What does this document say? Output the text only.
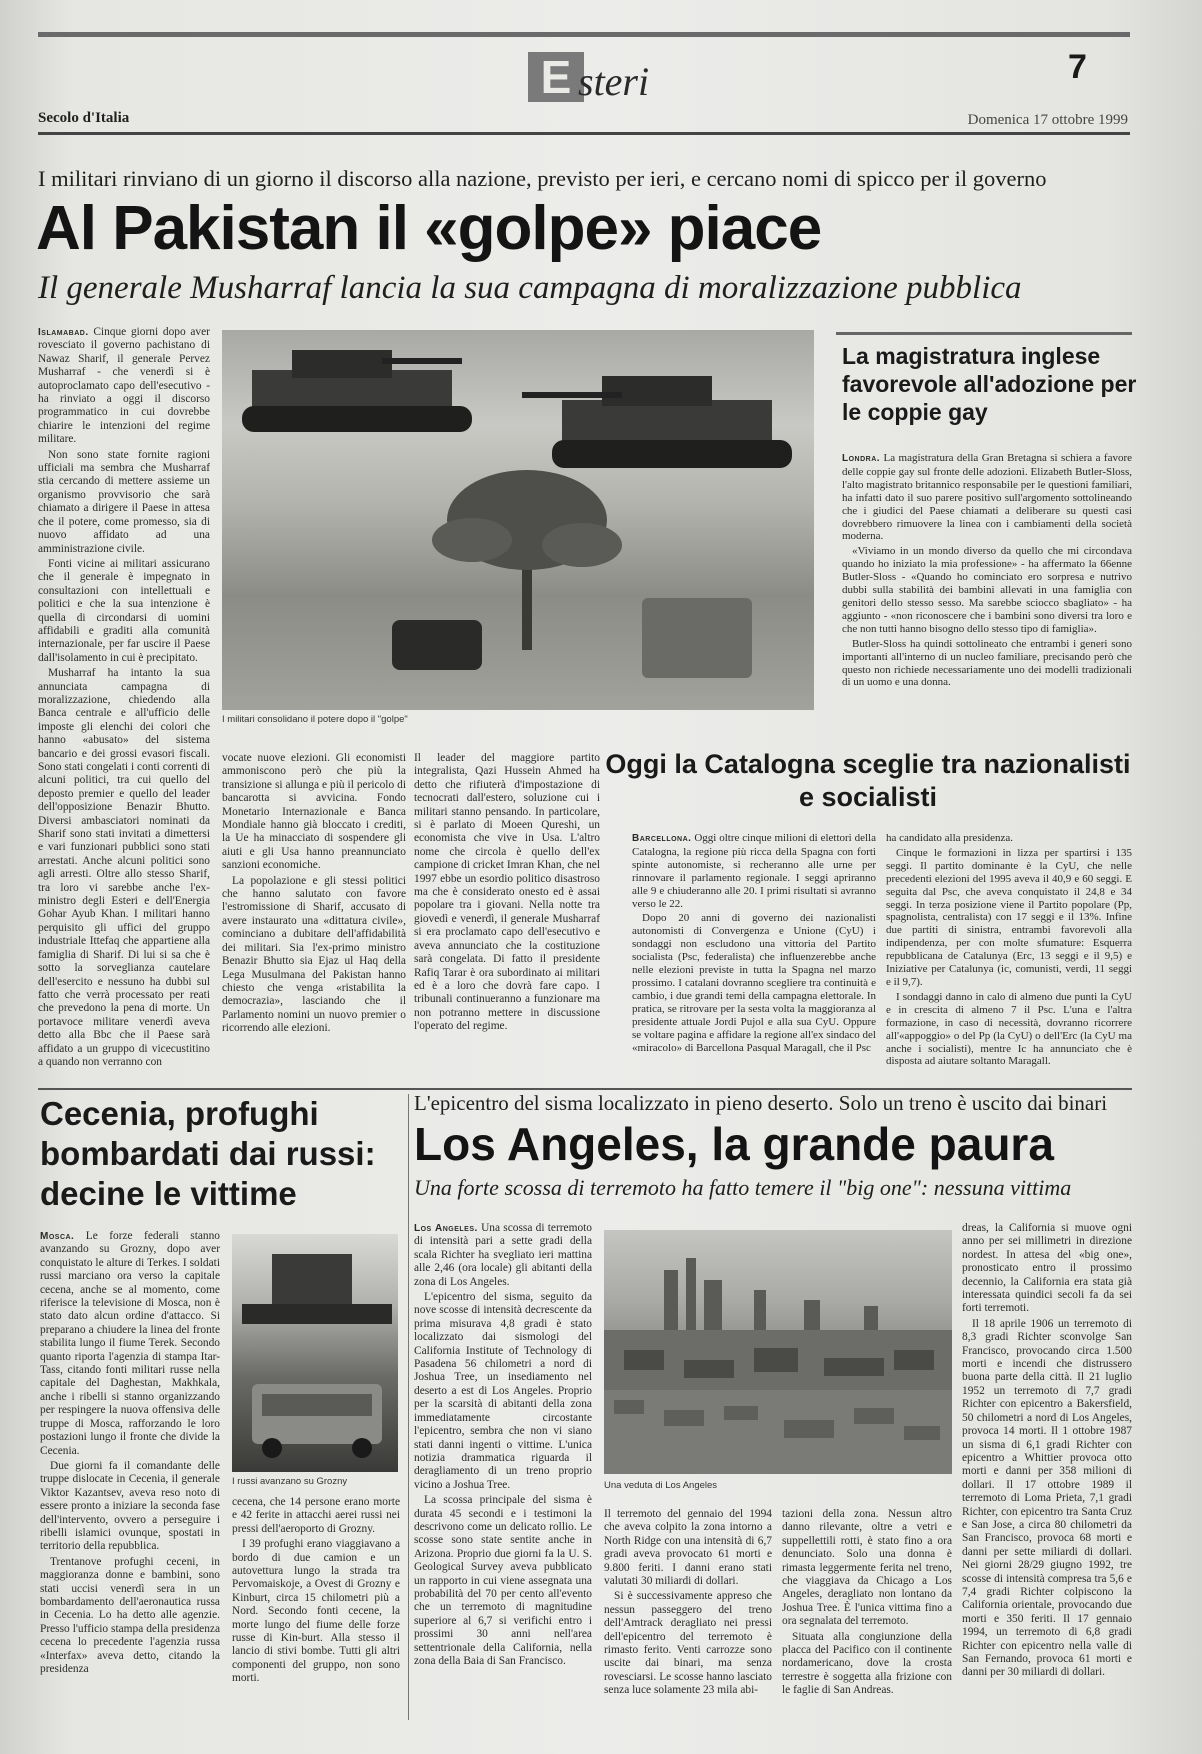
E steri	7
Secolo d'Italia	Domenica 17 ottobre 1999
I militari rinviano di un giorno il discorso alla nazione, previsto per ieri, e cercano nomi di spicco per il governo
Al Pakistan il «golpe» piace
Il generale Musharraf lancia la sua campagna di moralizzazione pubblica

Islamabad. Cinque giorni dopo aver rovesciato il governo pachistano di Nawaz Sharif, il generale Pervez Musharraf - che venerdì si è autoproclamato capo dell'esecutivo - ha rinviato a oggi il discorso programmatico in cui dovrebbe chiarire le intenzioni del regime militare.

Non sono state fornite ragioni ufficiali ma sembra che Musharraf stia cercando di mettere assieme un organismo provvisorio che sarà chiamato a dirigere il Paese in attesa che il potere, come promesso, sia di nuovo affidato ad una amministrazione civile.

Fonti vicine ai militari assicurano che il generale è impegnato in consultazioni con intellettuali e politici e che la sua intenzione è quella di circondarsi di uomini affidabili e graditi alla comunità internazionale, per far uscire il Paese dall'isolamento in cui è precipitato.

Musharraf ha intanto la sua annunciata campagna di moralizzazione, chiedendo alla Banca centrale e all'ufficio delle imposte gli elenchi dei colori che hanno «abusato» del sistema bancario e dei grossi evasori fiscali. Sono stati congelati i conti correnti di alcuni politici, tra cui quello del deposto premier e quello del leader dell'opposizione Benazir Bhutto. Diversi ambasciatori nominati da Sharif sono stati invitati a dimettersi e vari funzionari pubblici sono stati arrestati. Anche alcuni politici sono agli arresti. Oltre allo stesso Sharif, tra loro vi sarebbe anche l'ex-ministro degli Esteri e dell'Energia Gohar Ayub Khan. I militari hanno perquisito gli uffici del gruppo industriale Ittefaq che appartiene alla famiglia di Sharif. Di lui si sa che è sotto la sorveglianza cautelare dell'esercito e nessuno ha dubbi sul fatto che verrà processato per reati che prevedono la pena di morte. Un portavoce militare venerdì aveva detto alla Bbc che il Paese sarà affidato a un gruppo di vicecustitino a quando non verranno con

I militari consolidano il potere dopo il "golpe"
La magistratura inglese favorevole all'adozione per le coppie gay

Londra. La magistratura della Gran Bretagna si schiera a favore delle coppie gay sul fronte delle adozioni. Elizabeth Butler-Sloss, l'alto magistrato britannico responsabile per le questioni familiari, ha infatti dato il suo parere positivo sull'argomento sottolineando che i giudici del Paese chiamati a deliberare su questi casi dovrebbero rimuovere la linea con i cambiamenti della società moderna.

«Viviamo in un mondo diverso da quello che mi circondava quando ho iniziato la mia professione» - ha affermato la 66enne Butler-Sloss - «Quando ho cominciato ero sorpresa e nutrivo dubbi sulla stabilità dei bambini allevati in una famiglia con genitori dello stesso sesso. Ma sarebbe sciocco sbagliato» - ha aggiunto - «non riconoscere che i bambini sono diversi tra loro e che non tutti hanno bisogno dello stesso tipo di famiglia».

Butler-Sloss ha quindi sottolineato che entrambi i generi sono importanti all'interno di un nucleo familiare, precisando però che questo non richiede necessariamente uno dei modelli tradizionali di un uomo e una donna.

vocate nuove elezioni. Gli economisti ammoniscono però che più la transizione si allunga e più il pericolo di bancarotta si avvicina. Fondo Monetario Internazionale e Banca Mondiale hanno già bloccato i crediti, la Ue ha minacciato di sospendere gli aiuti e gli Usa hanno preannunciato sanzioni economiche.

La popolazione e gli stessi politici che hanno salutato con favore l'estromissione di Sharif, accusato di avere instaurato una «dittatura civile», cominciano a dubitare dell'affidabilità dei militari. Sia l'ex-primo ministro Benazir Bhutto sia Ejaz ul Haq della Lega Musulmana del Pakistan hanno chiesto che venga «ristabilita la democrazia», lasciando che il Parlamento nomini un nuovo premier o ricorrendo alle elezioni.

Il leader del maggiore partito integralista, Qazi Hussein Ahmed ha detto che rifiuterà d'impostazione di tecnocrati dall'estero, soluzione cui i militari stanno pensando. In particolare, si è parlato di Moeen Qureshi, un economista che vive in Usa. L'altro nome che circola è quello dell'ex campione di cricket Imran Khan, che nel 1997 ebbe un esordio politico disastroso ma che è considerato onesto ed è assai popolare tra i giovani. Nella notte tra giovedì e venerdì, il generale Musharraf si era proclamato capo dell'esecutivo e aveva annunciato che la costituzione sarà congelata. Di fatto il presidente Rafiq Tarar è ora subordinato ai militari ed è a loro che dovrà fare capo. I tribunali continueranno a funzionare ma non potranno mettere in discussione l'operato del regime.

Oggi la Catalogna sceglie tra nazionalisti e socialisti

Barcellona. Oggi oltre cinque milioni di elettori della Catalogna, la regione più ricca della Spagna con forti spinte autonomiste, si recheranno alle urne per rinnovare il parlamento regionale. I seggi apriranno alle 9 e chiuderanno alle 20. I primi risultati si avranno verso le 22.

Dopo 20 anni di governo dei nazionalisti autonomisti di Convergenza e Unione (CyU) i sondaggi non escludono una vittoria del Partito socialista (Psc, federalista) che influenzerebbe anche nelle elezioni previste in tutta la Spagna nel marzo prossimo. I catalani dovranno scegliere tra continuità e cambio, i due grandi temi della campagna elettorale. In pratica, se ritrovare per la sesta volta la maggioranza al presidente attuale Jordi Pujol e alla sua CyU. Oppure se voltare pagina e affidare la regione all'ex sindaco del «miracolo» di Barcellona Pasqual Maragall, che il Psc

ha candidato alla presidenza.

Cinque le formazioni in lizza per spartirsi i 135 seggi. Il partito dominante è la CyU, che nelle precedenti elezioni del 1995 aveva il 40,9 e 60 seggi. E seguita dal Psc, che aveva conquistato il 24,8 e 34 seggi. In terza posizione viene il Partito popolare (Pp, spagnolista, centralista) con 17 seggi e il 13%. Infine due partiti di sinistra, entrambi favorevoli alla indipendenza, per con molte sfumature: Esquerra repubblicana de Catalunya (Erc, 13 seggi e il 9,5) e Iniziative per Catalunya (ic, comunisti, verdi, 11 seggi e il 9,7).

I sondaggi danno in calo di almeno due punti la CyU e in crescita di almeno 7 il Psc. L'una e l'altra formazione, in caso di necessità, dovranno ricorrere all'«appoggio» o del Pp (la CyU) o dell'Erc (la CyU ma anche i socialisti), mentre Ic ha annunciato che è disposta ad aiutare soltanto Maragall.

Cecenia, profughi bombardati dai russi: decine le vittime

Mosca. Le forze federali stanno avanzando su Grozny, dopo aver conquistato le alture di Terkes. I soldati russi marciano ora verso la capitale cecena, anche se al momento, come riferisce la televisione di Mosca, non è stato dato alcun ordine d'attacco. Si preparano a chiudere la linea del fronte stabilita lungo il fiume Terek. Secondo quanto riporta l'agenzia di stampa Itar-Tass, citando fonti militari russe nella capitale del Daghestan, Makhkala, anche i ribelli si stanno organizzando per respingere la nuova offensiva delle truppe di Mosca, rafforzando le loro postazioni lungo il fronte che divide la Cecenia.

Due giorni fa il comandante delle truppe dislocate in Cecenia, il generale Viktor Kazantsev, aveva reso noto di essere pronto a iniziare la seconda fase dell'intervento, ovvero a perseguire i ribelli islamici ovunque, spostati in territorio della repubblica.

Trentanove profughi ceceni, in maggioranza donne e bambini, sono stati uccisi venerdì sera in un bombardamento dell'aeronautica russa in Cecenia. Lo ha detto alle agenzie. Presso l'ufficio stampa della presidenza cecena lo precedente l'agenzia russa «Interfax» aveva detto, citando la presidenza

I russi avanzano su Grozny

cecena, che 14 persone erano morte e 42 ferite in attacchi aerei russi nei pressi dell'aeroporto di Grozny.

I 39 profughi erano viaggiavano a bordo di due camion e un autovettura lungo la strada tra Pervomaiskoje, a Ovest di Grozny e Kinburt, circa 15 chilometri più a Nord. Secondo fonti cecene, la morte lungo del fiume delle forze russe di Kin-burt. Alla stesso il lancio di stivi bombe. Tutti gli altri componenti del gruppo, non sono morti.

L'epicentro del sisma localizzato in pieno deserto. Solo un treno è uscito dai binari
Los Angeles, la grande paura
Una forte scossa di terremoto ha fatto temere il "big one": nessuna vittima

Los Angeles. Una scossa di terremoto di intensità pari a sette gradi della scala Richter ha svegliato ieri mattina alle 2,46 (ora locale) gli abitanti della zona di Los Angeles.

L'epicentro del sisma, seguito da nove scosse di intensità decrescente da prima misurava 4,8 gradi è stato localizzato dai sismologi del California Institute of Technology di Pasadena 56 chilometri a nord di Joshua Tree, un insediamento nel deserto a est di Los Angeles. Proprio per la scarsità di abitanti della zona immediatamente circostante l'epicentro, sembra che non vi siano stati danni ingenti o vittime. L'unica notizia drammatica riguarda il deragliamento di un treno proprio vicino a Joshua Tree.

La scossa principale del sisma è durata 45 secondi e i testimoni la descrivono come un delicato rollio. Le scosse sono state sentite anche in Arizona. Proprio due giorni fa la U. S. Geological Survey aveva pubblicato un rapporto in cui viene assegnata una probabilità del 70 per cento all'evento che un terremoto di magnitudine superiore al 6,7 si verifichi entro i prossimi 30 anni nell'area settentrionale della California, nella zona della Baia di San Francisco.

Una veduta di Los Angeles

Il terremoto del gennaio del 1994 che aveva colpito la zona intorno a North Ridge con una intensità di 6,7 gradi aveva provocato 61 morti e 9.800 feriti. I danni erano stati valutati 30 miliardi di dollari.

Si è successivamente appreso che nessun passeggero del treno dell'Amtrack deragliato nei pressi dell'epicentro del terremoto è rimasto ferito. Venti carrozze sono uscite dai binari, ma senza rovesciarsi. Le scosse hanno lasciato senza luce solamente 23 mila abi-

tazioni della zona. Nessun altro danno rilevante, oltre a vetri e suppellettili rotti, è stato fino a ora denunciato. Solo una donna è rimasta leggermente ferita nel treno, che viaggiava da Chicago a Los Angeles, deragliato non lontano da Joshua Tree. È l'unica vittima fino a ora segnalata del terremoto.

Situata alla congiunzione della placca del Pacifico con il continente nordamericano, dove la crosta terrestre è soggetta alla frizione con le faglie di San Andreas.

dreas, la California si muove ogni anno per sei millimetri in direzione nordest. In attesa del «big one», pronosticato entro il prossimo decennio, la California era stata già interessata quindici secoli fa da sei forti terremoti.

Il 18 aprile 1906 un terremoto di 8,3 gradi Richter sconvolge San Francisco, provocando circa 1.500 morti e incendi che distrussero buona parte della città. Il 21 luglio 1952 un terremoto di 7,7 gradi Richter con epicentro a Bakersfield, 50 chilometri a nord di Los Angeles, provoca 14 morti. Il 1 ottobre 1987 un sisma di 6,1 gradi Richter con epicentro a Whittier provoca otto morti e danni per 358 milioni di dollari. Il 17 ottobre 1989 il terremoto di Loma Prieta, 7,1 gradi Richter, con epicentro tra Santa Cruz e San Jose, a circa 80 chilometri da San Francisco, provoca 68 morti e danni per sette miliardi di dollari. Nei giorni 28/29 giugno 1992, tre scosse di intensità compresa tra 5,6 e 7,4 gradi Richter colpiscono la California orientale, provocando due morti e 350 feriti. Il 17 gennaio 1994, un terremoto di 6,8 gradi Richter con epicentro nella valle di San Fernando, provoca 61 morti e danni per 30 miliardi di dollari.
